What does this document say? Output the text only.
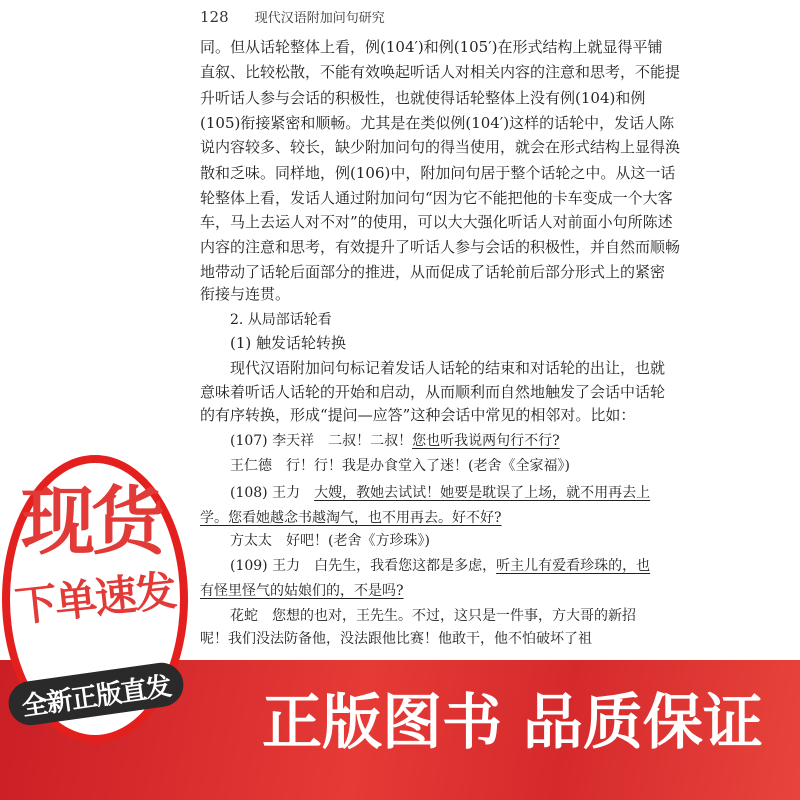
128 现代汉语附加问句研究
同。但从话轮整体上看，例(104′)和例(105′)在形式结构上就显得平铺
直叙、比较松散，不能有效唤起听话人对相关内容的注意和思考，不能提
升听话人参与会话的积极性，也就使得话轮整体上没有例(104)和例
(105)衔接紧密和顺畅。尤其是在类似例(104′)这样的话轮中，发话人陈
说内容较多、较长，缺少附加问句的得当使用，就会在形式结构上显得涣
散和乏味。同样地，例(106)中，附加问句居于整个话轮之中。从这一话
轮整体上看，发话人通过附加问句“因为它不能把他的卡车变成一个大客
车，马上去运人对不对”的使用，可以大大强化听话人对前面小句所陈述
内容的注意和思考，有效提升了听话人参与会话的积极性，并自然而顺畅
地带动了话轮后面部分的推进，从而促成了话轮前后部分形式上的紧密
衔接与连贯。
2. 从局部话轮看
(1) 触发话轮转换
现代汉语附加问句标记着发话人话轮的结束和对话轮的出让，也就
意味着听话人话轮的开始和启动，从而顺利而自然地触发了会话中话轮
的有序转换，形成“提问—应答”这种会话中常见的相邻对。比如：
(107) 李天祥　二叔！二叔！您也听我说两句行不行?
王仁德　行！行！我是办食堂入了迷！(老舍《全家福》)
(108) 王力　大嫂，教她去试试！她要是耽误了上场，就不用再去上
学。您看她越念书越淘气，也不用再去。好不好?
方太太　好吧！(老舍《方珍珠》)
(109) 王力　白先生，我看您这都是多虑，听主儿有爱看珍珠的，也
有怪里怪气的姑娘们的，不是吗?
花蛇　您想的也对，王先生。不过，这只是一件事，方大哥的新招
呢！我们没法防备他，没法跟他比赛！他敢干，他不怕破坏了祖
正版图书 品质保证
现货
下单速发
全新正版直发
